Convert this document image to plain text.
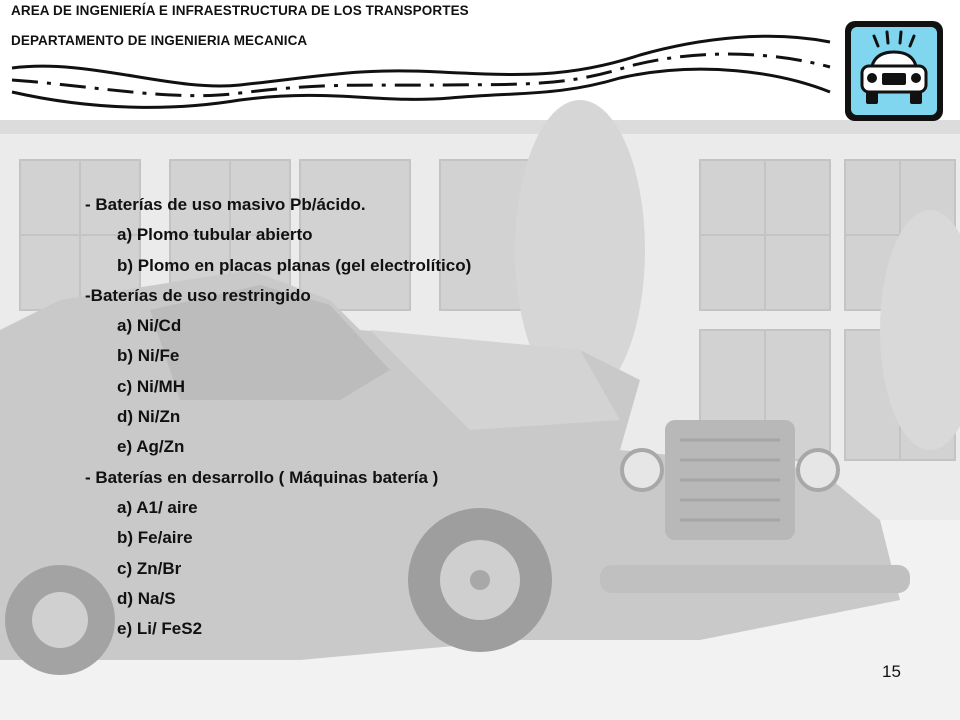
AREA DE INGENIERÍA E INFRAESTRUCTURA DE LOS TRANSPORTES

DEPARTAMENTO DE INGENIERIA MECANICA

- Baterías de uso masivo Pb/ácido.
a) Plomo tubular abierto
b) Plomo en placas planas (gel electrolítico)
-Baterías de uso restringido
a) Ni/Cd
b) Ni/Fe
c) Ni/MH
d) Ni/Zn
e) Ag/Zn
- Baterías en desarrollo ( Máquinas batería )
a) A1/ aire
b) Fe/aire
c) Zn/Br
d) Na/S
e) Li/ FeS2
15
